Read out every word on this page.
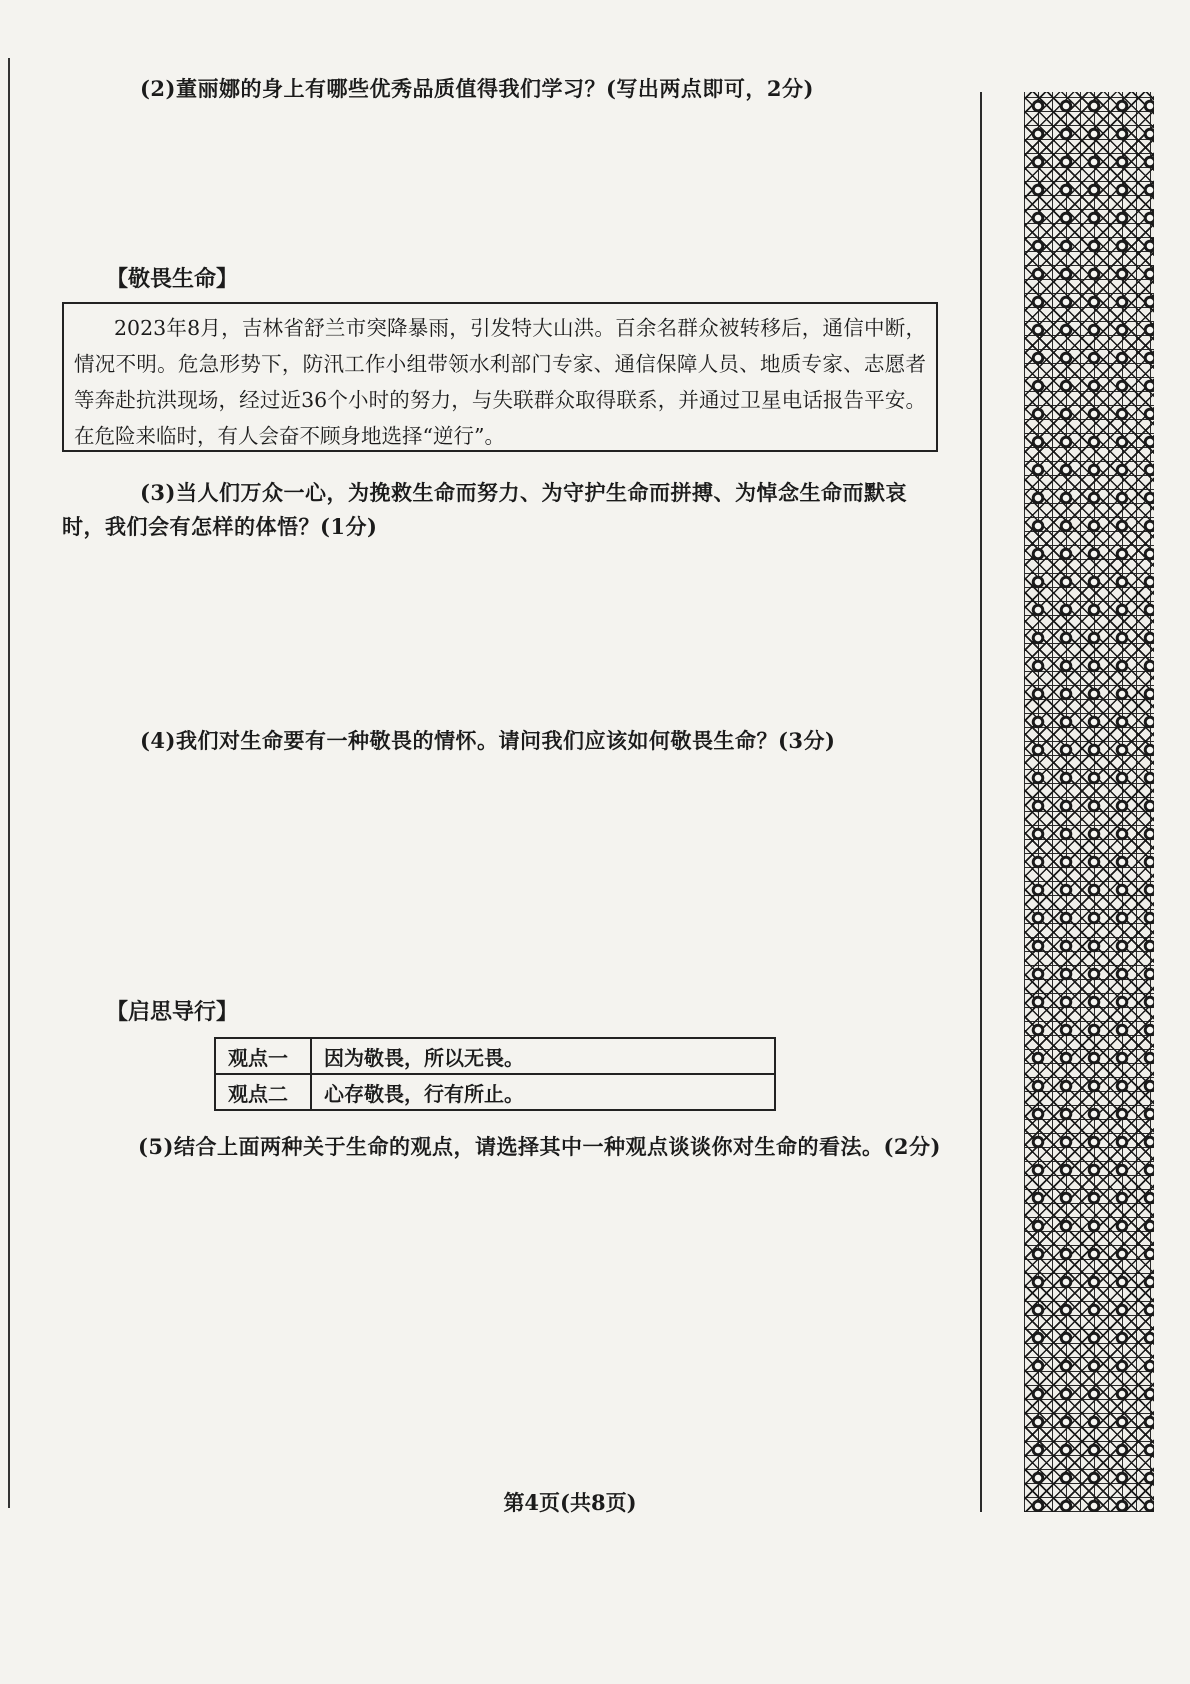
(2)董丽娜的身上有哪些优秀品质值得我们学习？(写出两点即可，2分)
【敬畏生命】
2023年8月，吉林省舒兰市突降暴雨，引发特大山洪。百余名群众被转移后，通信中断，情况不明。危急形势下，防汛工作小组带领水利部门专家、通信保障人员、地质专家、志愿者等奔赴抗洪现场，经过近36个小时的努力，与失联群众取得联系，并通过卫星电话报告平安。在危险来临时，有人会奋不顾身地选择“逆行”。
(3)当人们万众一心，为挽救生命而努力、为守护生命而拼搏、为悼念生命而默哀时，我们会有怎样的体悟？(1分)
(4)我们对生命要有一种敬畏的情怀。请问我们应该如何敬畏生命？(3分)
【启思导行】
观点一	因为敬畏，所以无畏。
观点二	心存敬畏，行有所止。
(5)结合上面两种关于生命的观点，请选择其中一种观点谈谈你对生命的看法。(2分)
第4页(共8页)
